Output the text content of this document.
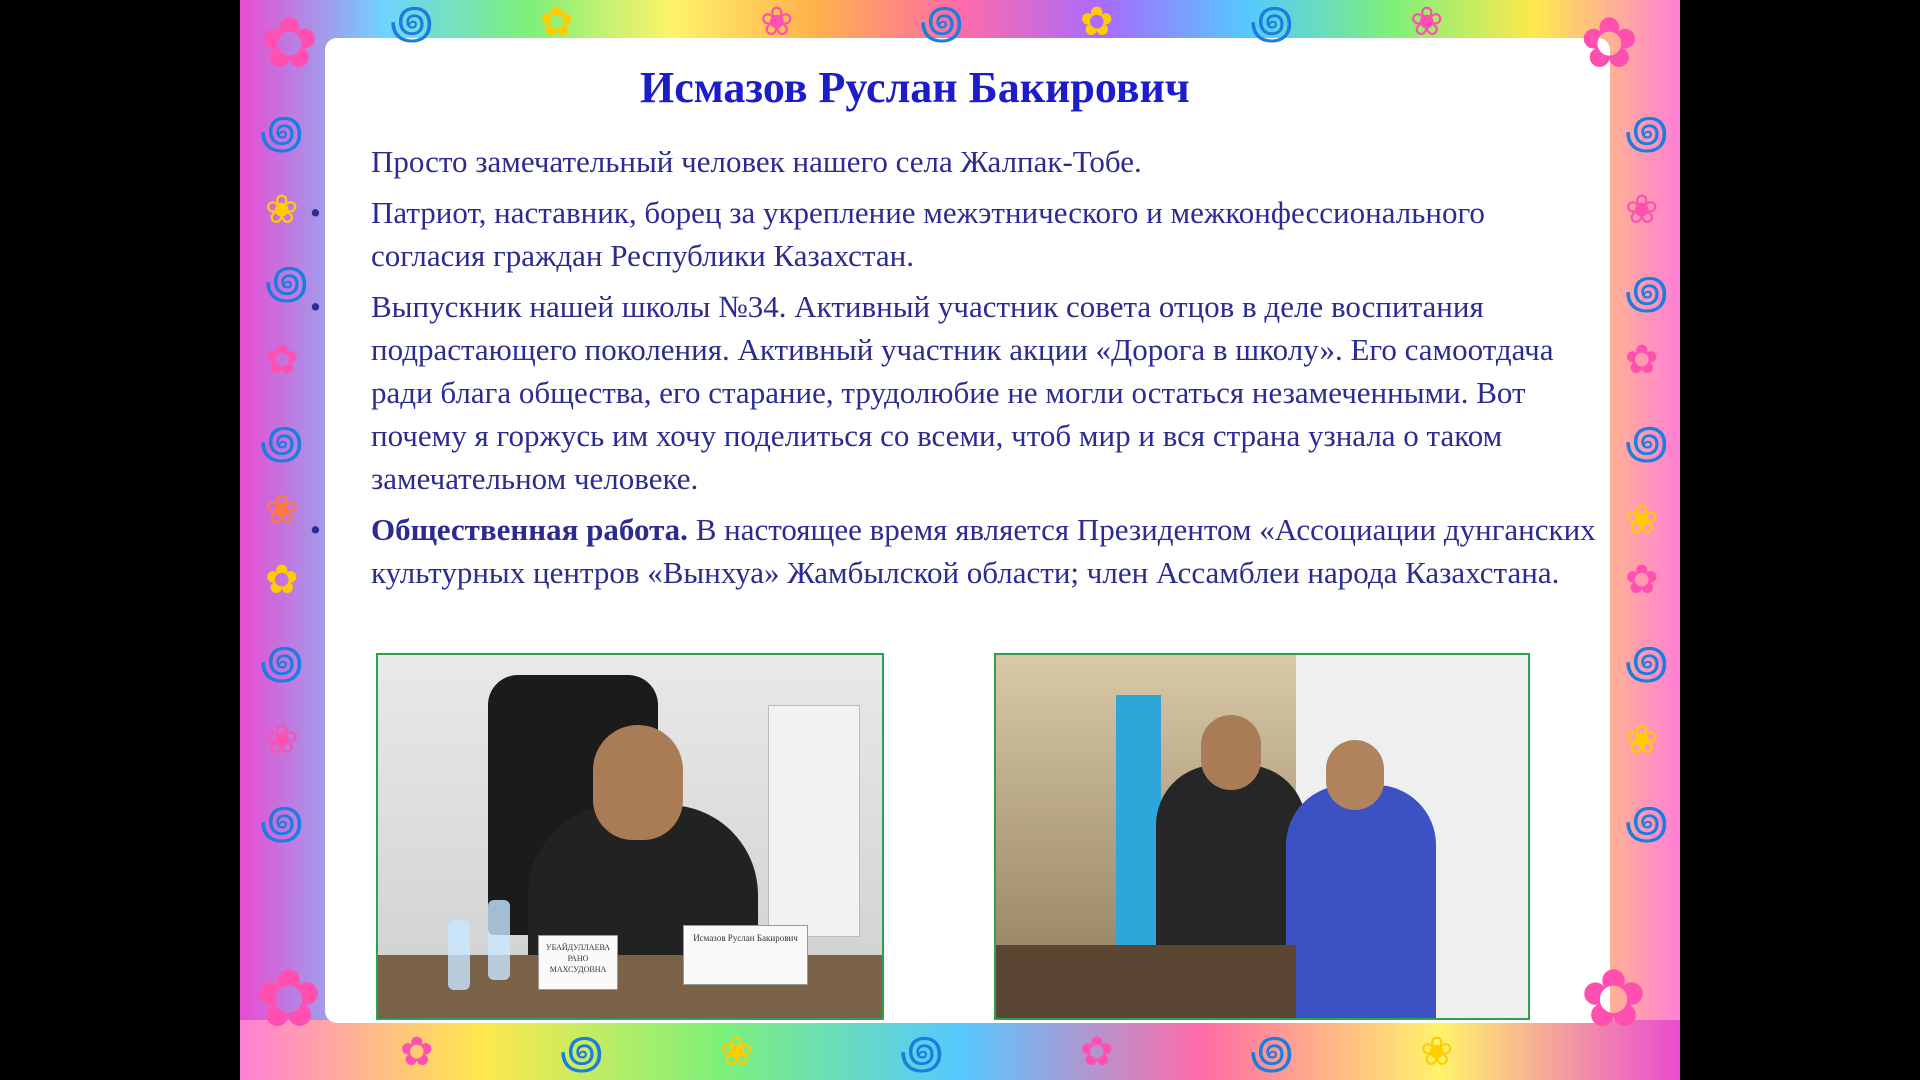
✿
꩜
❀
꩜
✿
꩜
❀
✿
꩜
❀
꩜
✿
✿
꩜
❀
꩜
✿
꩜
❀
✿
꩜
❀
꩜
✿
✿
꩜	❀	꩜	✿	꩜	❀
✿	꩜	❀	꩜	✿	꩜	❀
Исмазов Руслан Бакирович
Просто замечательный человек нашего села Жалпак-Тобе.
• Патриот, наставник, борец за укрепление межэтнического и межконфессионального согласия граждан Республики Казахстан.
• Выпускник нашей школы №34. Активный участник совета отцов в деле воспитания подрастающего поколения. Активный участник акции «Дорога в школу». Его самоотдача ради блага общества, его старание, трудолюбие не могли остаться незамеченными. Вот почему я горжусь им хочу поделиться со всеми, чтоб мир и вся страна узнала о таком замечательном человеке.
• Общественная работа. В настоящее время является Президентом «Ассоциации дунганских культурных центров «Вынхуа» Жамбылской области; член Ассамблеи народа Казахстана.
Исмазов Руслан Бакирович
УБАЙДУЛЛАЕВА РАНО МАХСУДОВНА
